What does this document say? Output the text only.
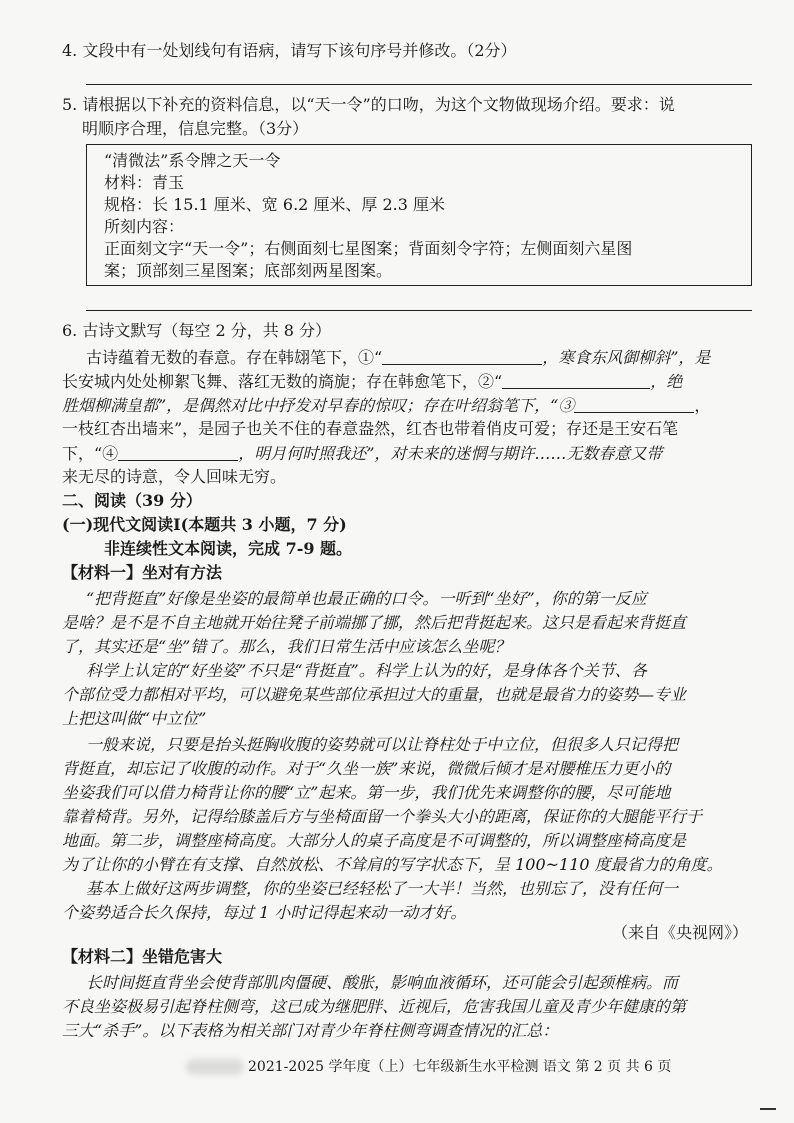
4. 文段中有一处划线句有语病，请写下该句序号并修改。（2分）
5. 请根据以下补充的资料信息，以“天一令”的口吻，为这个文物做现场介绍。要求：说
明顺序合理，信息完整。（3分）
“清微法”系令牌之天一令
材料：青玉
规格：长 15.1 厘米、宽 6.2 厘米、厚 2.3 厘米
所刻内容：
正面刻文字“天一令”；右侧面刻七星图案；背面刻令字符；左侧面刻六星图
案；顶部刻三星图案；底部刻两星图案。
6. 古诗文默写（每空 2 分，共 8 分）
古诗蕴着无数的春意。存在韩翃笔下，①“	，寒食东风御柳斜”，是
长安城内处处柳絮飞舞、落红无数的旖旎；存在韩愈笔下，②“	，绝
胜烟柳满皇都”，是偶然对比中抒发对早春的惊叹；存在叶绍翁笔下，“③	，
一枝红杏出墙来”，是园子也关不住的春意盎然，红杏也带着俏皮可爱；存还是王安石笔
下，“④	，明月何时照我还”，对未来的迷惘与期许……无数春意又带
来无尽的诗意，令人回味无穷。
二、阅读（39 分）
(一)现代文阅读Ⅰ(本题共 3 小题，7 分)
非连续性文本阅读，完成 7-9 题。
【材料一】坐对有方法
“把背挺直”好像是坐姿的最简单也最正确的口令。一听到“坐好”，你的第一反应
是啥？是不是不自主地就开始往凳子前端挪了挪，然后把背挺起来。这只是看起来背挺直
了，其实还是“坐”错了。那么，我们日常生活中应该怎么坐呢？
科学上认定的“好坐姿”不只是“背挺直”。科学上认为的好，是身体各个关节、各
个部位受力都相对平均，可以避免某些部位承担过大的重量，也就是最省力的姿势—专业
上把这叫做“中立位”
一般来说，只要是抬头挺胸收腹的姿势就可以让脊柱处于中立位，但很多人只记得把
背挺直，却忘记了收腹的动作。对于“久坐一族”来说，微微后倾才是对腰椎压力更小的
坐姿我们可以借力椅背让你的腰“立”起来。第一步，我们优先来调整你的腰，尽可能地
靠着椅背。另外，记得给膝盖后方与坐椅面留一个拳头大小的距离，保证你的大腿能平行于
地面。第二步，调整座椅高度。大部分人的桌子高度是不可调整的，所以调整座椅高度是
为了让你的小臂在有支撑、自然放松、不耸肩的写字状态下，呈 100~110 度最省力的角度。
基本上做好这两步调整，你的坐姿已经轻松了一大半！当然，也别忘了，没有任何一
个姿势适合长久保持，每过 1 小时记得起来动一动才好。
（来自《央视网》）
【材料二】坐错危害大
长时间挺直背坐会使背部肌肉僵硬、酸胀，影响血液循环，还可能会引起颈椎病。而
不良坐姿极易引起脊柱侧弯，这已成为继肥胖、近视后，危害我国儿童及青少年健康的第
三大“杀手”。以下表格为相关部门对青少年脊柱侧弯调查情况的汇总：
2021-2025 学年度（上）七年级新生水平检测 语文 第 2 页 共 6 页
